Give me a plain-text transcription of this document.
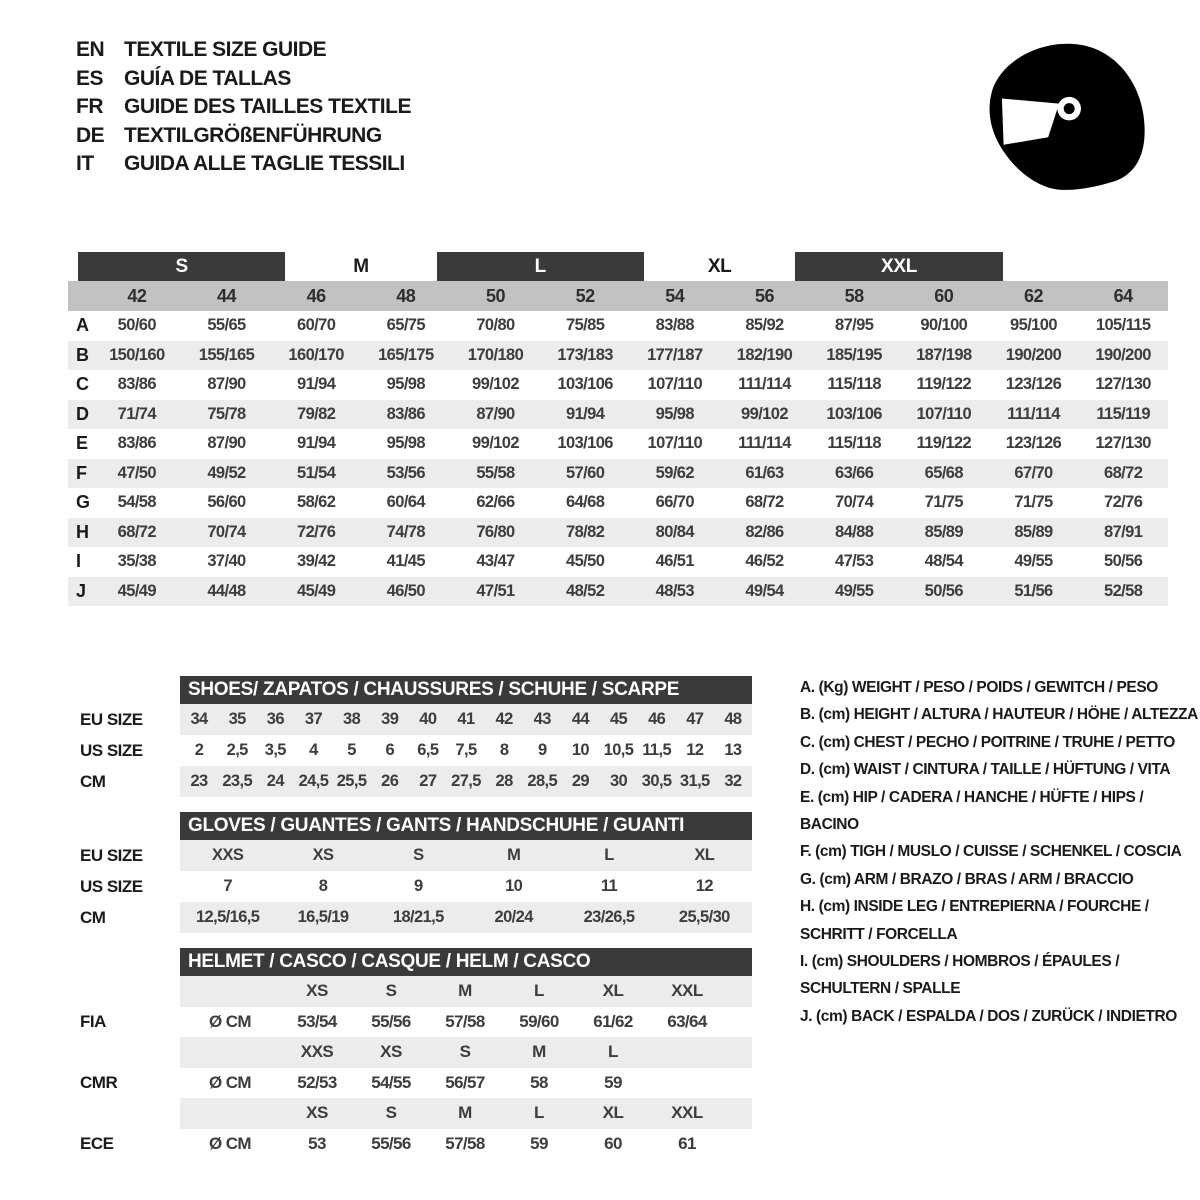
EN TEXTILE SIZE GUIDE
ES GUÍA DE TALLAS
FR	GUIDE DES TAILLES TEXTILE
DE TEXTILGRÖßENFÜHRUNG
IT	GUIDA ALLE TAGLIE TESSILI
S	M	L	XL	XXL
42	44	46	48	50	52	54	56	58	60	62	64
A	50/60	55/65	60/70	65/75	70/80	75/85	83/88	85/92	87/95	90/100	95/100	105/115
B	150/160	155/165	160/170	165/175	170/180	173/183	177/187	182/190	185/195	187/198	190/200	190/200
C	83/86	87/90	91/94	95/98	99/102	103/106	107/110	111/114	115/118	119/122	123/126	127/130
D	71/74	75/78	79/82	83/86	87/90	91/94	95/98	99/102	103/106	107/110	111/114	115/119
E	83/86	87/90	91/94	95/98	99/102	103/106	107/110	111/114	115/118	119/122	123/126	127/130
F	47/50	49/52	51/54	53/56	55/58	57/60	59/62	61/63	63/66	65/68	67/70	68/72
G	54/58	56/60	58/62	60/64	62/66	64/68	66/70	68/72	70/74	71/75	71/75	72/76
H	68/72	70/74	72/76	74/78	76/80	78/82	80/84	82/86	84/88	85/89	85/89	87/91
I	35/38	37/40	39/42	41/45	43/47	45/50	46/51	46/52	47/53	48/54	49/55	50/56
J	45/49	44/48	45/49	46/50	47/51	48/52	48/53	49/54	49/55	50/56	51/56	52/58
SHOES/ ZAPATOS / CHAUSSURES / SCHUHE / SCARPE
EU SIZE	34	35	36	37	38	39	40	41	42	43	44	45	46	47	48
US SIZE	2	2,5	3,5	4	5	6	6,5	7,5	8	9	10 10,5 11,5 12	13
CM	23 23,5 24 24,5 25,5 26	27 27,5 28 28,5 29	30 30,5 31,5 32
GLOVES / GUANTES / GANTS / HANDSCHUHE / GUANTI
EU SIZE	XXS	XS	S	M	L	XL
US SIZE	7	8	9	10	11	12
CM	12,5/16,5	16,5/19	18/21,5	20/24	23/26,5	25,5/30
HELMET / CASCO / CASQUE / HELM / CASCO
XS	S	M	L	XL	XXL
FIA	Ø CM	53/54 55/56 57/58 59/60 61/62 63/64
XXS	XS	S	M	L
CMR	Ø CM	52/53 54/55 56/57	58	59
XS	S	M	L	XL	XXL
ECE	Ø CM	53	55/56 57/58	59	60	61
A. (Kg) WEIGHT / PESO / POIDS / GEWITCH / PESO
B. (cm) HEIGHT / ALTURA / HAUTEUR / HÖHE / ALTEZZA
C. (cm) CHEST / PECHO / POITRINE / TRUHE / PETTO
D. (cm) WAIST / CINTURA / TAILLE / HÜFTUNG / VITA
E. (cm) HIP / CADERA / HANCHE / HÜFTE / HIPS / BACINO
F. (cm) TIGH / MUSLO / CUISSE / SCHENKEL / COSCIA
G. (cm) ARM / BRAZO / BRAS / ARM / BRACCIO
H. (cm) INSIDE LEG / ENTREPIERNA / FOURCHE / SCHRITT / FORCELLA
I. (cm) SHOULDERS / HOMBROS / ÉPAULES / SCHULTERN / SPALLE
J. (cm) BACK / ESPALDA / DOS / ZURÜCK / INDIETRO
